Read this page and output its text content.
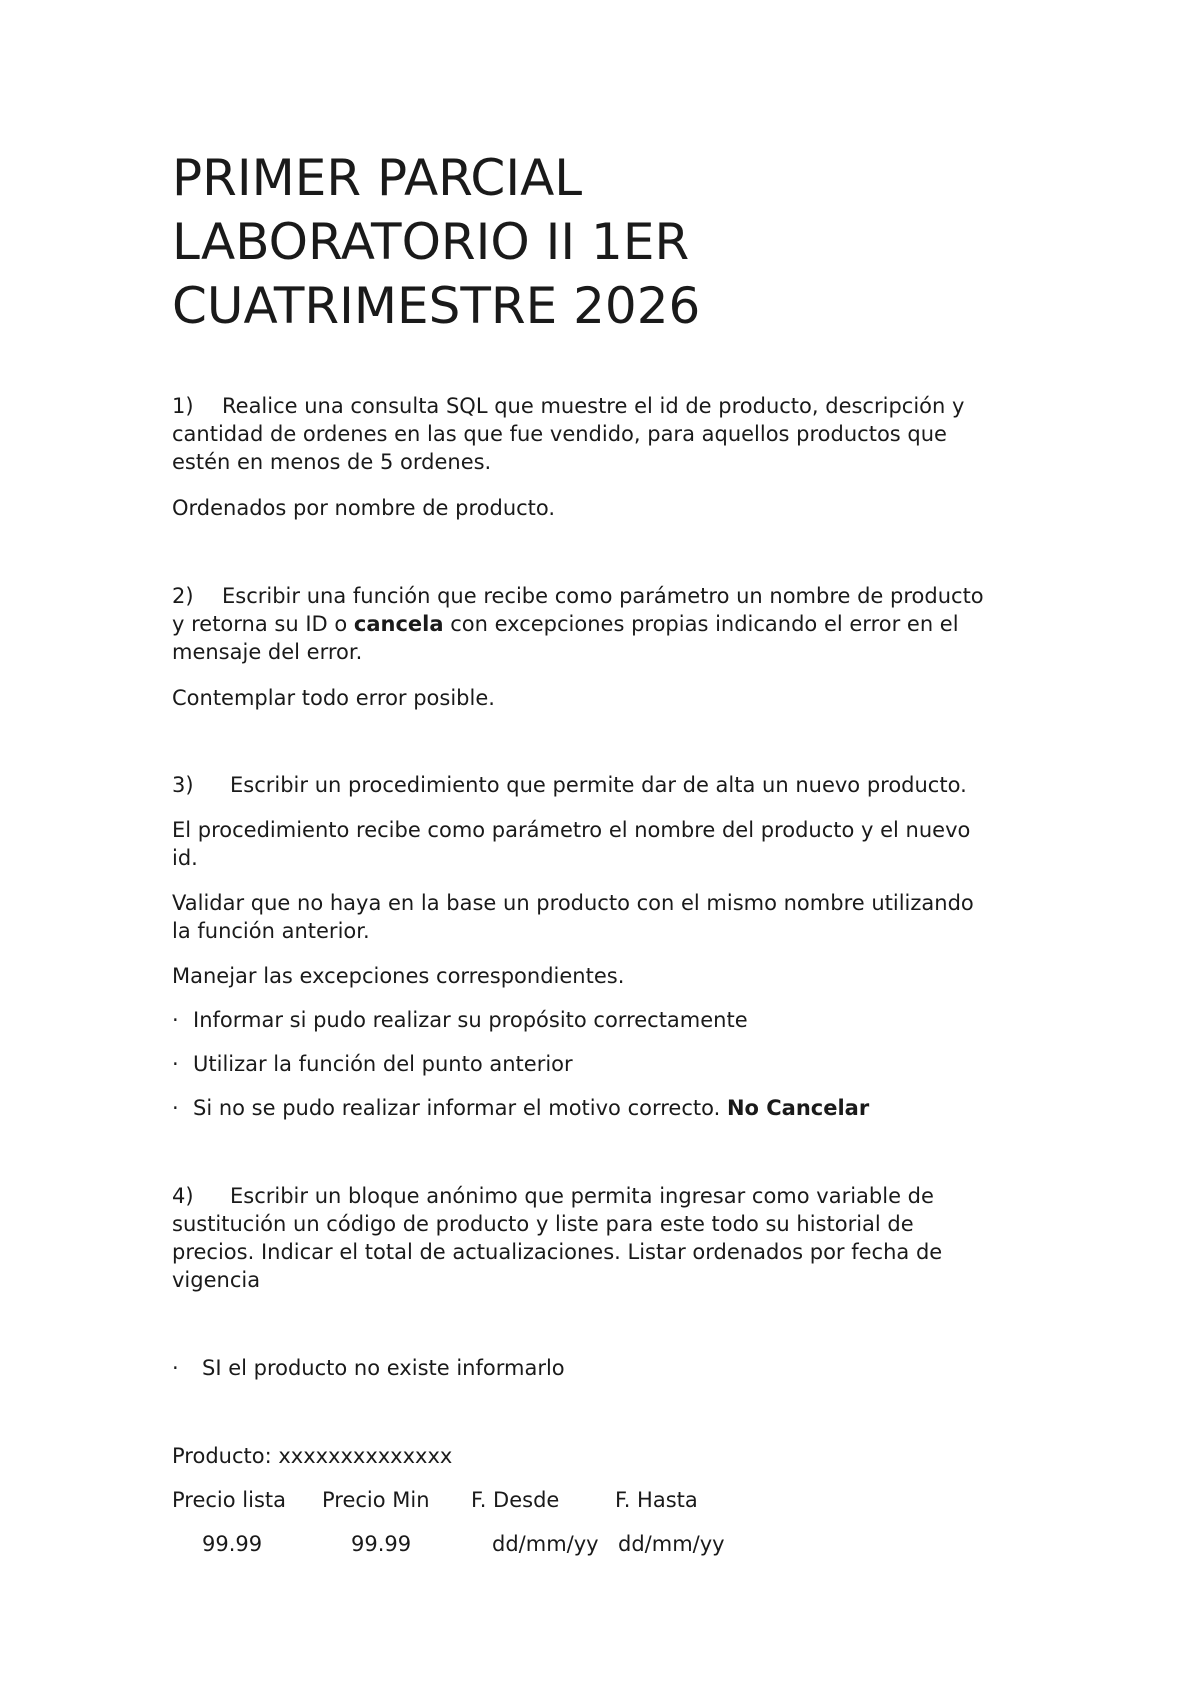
PRIMER PARCIAL
LABORATORIO II 1ER
CUATRIMESTRE 2026

1) Realice una consulta SQL que muestre el id de producto, descripción y

cantidad de ordenes en las que fue vendido, para aquellos productos que

estén en menos de 5 ordenes.

Ordenados por nombre de producto.

2) Escribir una función que recibe como parámetro un nombre de producto

y retorna su ID o cancela con excepciones propias indicando el error en el

mensaje del error.

Contemplar todo error posible.

3) Escribir un procedimiento que permite dar de alta un nuevo producto.

El procedimiento recibe como parámetro el nombre del producto y el nuevo

id.

Validar que no haya en la base un producto con el mismo nombre utilizando

la función anterior.

Manejar las excepciones correspondientes.

· Informar si pudo realizar su propósito correctamente

· Utilizar la función del punto anterior

· Si no se pudo realizar informar el motivo correcto. No Cancelar

4) Escribir un bloque anónimo que permita ingresar como variable de

sustitución un código de producto y liste para este todo su historial de

precios. Indicar el total de actualizaciones. Listar ordenados por fecha de

vigencia

· SI el producto no existe informarlo

Producto: xxxxxxxxxxxxxx

Precio lista Precio Min F. Desde	F. Hasta
99.99	99.99	dd/mm/yy dd/mm/yy
